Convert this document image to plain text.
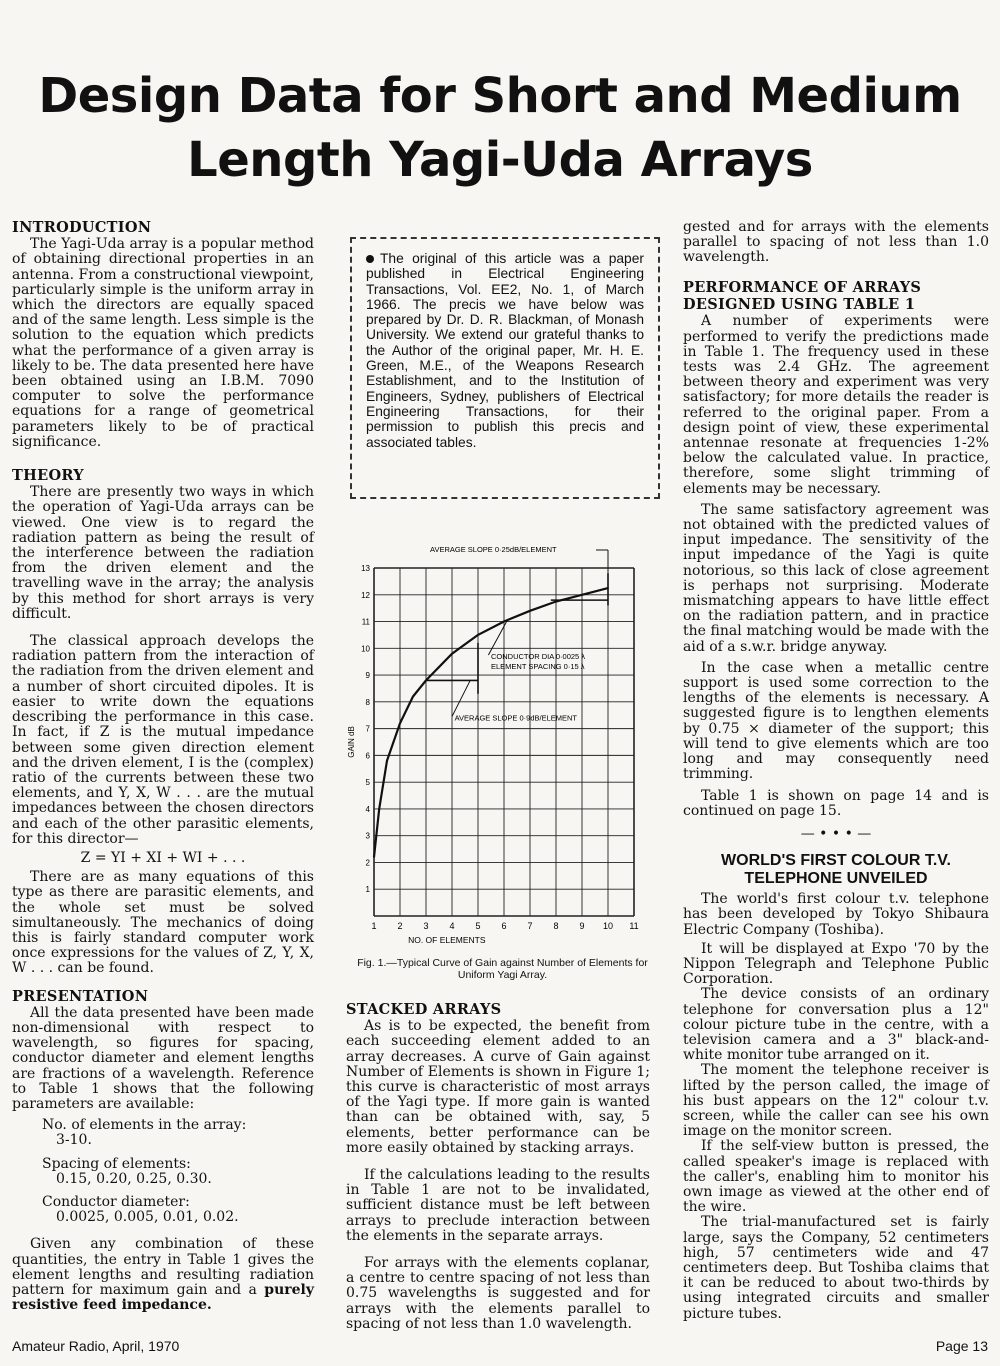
Design Data for Short and Medium
Length Yagi-Uda Arrays
INTRODUCTION

The Yagi-Uda array is a popular method of obtaining directional properties in an antenna. From a constructional viewpoint, particularly simple is the uniform array in which the directors are equally spaced and of the same length. Less simple is the solution to the equation which predicts what the performance of a given array is likely to be. The data presented here have been obtained using an I.B.M. 7090 computer to solve the performance equations for a range of geometrical parameters likely to be of practical significance.

THEORY

There are presently two ways in which the operation of Yagi-Uda arrays can be viewed. One view is to regard the radiation pattern as being the result of the interference between the radiation from the driven element and the travelling wave in the array; the analysis by this method for short arrays is very difficult.

The classical approach develops the radiation pattern from the interaction of the radiation from the driven element and a number of short circuited dipoles. It is easier to write down the equations describing the performance in this case. In fact, if Z is the mutual impedance between some given direction element and the driven element, I is the (complex) ratio of the currents between these two elements, and Y, X, W . . . are the mutual impedances between the chosen directors and each of the other parasitic elements, for this director—

Z = YI + XI + WI + . . .

There are as many equations of this type as there are parasitic elements, and the whole set must be solved simultaneously. The mechanics of doing this is fairly standard computer work once expressions for the values of Z, Y, X, W . . . can be found.

PRESENTATION

All the data presented have been made non-dimensional with respect to wavelength, so figures for spacing, conductor diameter and element lengths are fractions of a wavelength. Reference to Table 1 shows that the following parameters are available:

No. of elements in the array:
3-10.
Spacing of elements:
0.15, 0.20, 0.25, 0.30.
Conductor diameter:
0.0025, 0.005, 0.01, 0.02.

Given any combination of these quantities, the entry in Table 1 gives the element lengths and resulting radiation pattern for maximum gain and a purely resistive feed impedance.

The original of this article was a paper published in Electrical Engineering Transactions, Vol. EE2, No. 1, of March 1966. The precis we have below was prepared by Dr. D. R. Blackman, of Monash University. We extend our grateful thanks to the Author of the original paper, Mr. H. E. Green, M.E., of the Weapons Research Establishment, and to the Institution of Engineers, Sydney, publishers of Electrical Engineering Transactions, for their permission to publish this precis and associated tables.
1 2 3 4 5 6 7 8 9 10 11
1
2
3
4
5
6
7
8
9
10
11
12
13
NO. OF ELEMENTS
GAIN dB
AVERAGE SLOPE 0·25dB/ELEMENT
CONDUCTOR DIA 0·0025 λ
ELEMENT SPACING 0·15 λ
AVERAGE SLOPE 0·9dB/ELEMENT
Fig. 1.—Typical Curve of Gain against Number of Elements for Uniform Yagi Array.
STACKED ARRAYS

As is to be expected, the benefit from each succeeding element added to an array decreases. A curve of Gain against Number of Elements is shown in Figure 1; this curve is characteristic of most arrays of the Yagi type. If more gain is wanted than can be obtained with, say, 5 elements, better performance can be more easily obtained by stacking arrays.

If the calculations leading to the results in Table 1 are not to be invalidated, sufficient distance must be left between arrays to preclude interaction between the elements in the separate arrays.

For arrays with the elements coplanar, a centre to centre spacing of not less than 0.75 wavelengths is suggested and for arrays with the elements parallel to spacing of not less than 1.0 wavelength.

gested and for arrays with the elements parallel to spacing of not less than 1.0 wavelength.

PERFORMANCE OF ARRAYS
DESIGNED USING TABLE 1

A number of experiments were performed to verify the predictions made in Table 1. The frequency used in these tests was 2.4 GHz. The agreement between theory and experiment was very satisfactory; for more details the reader is referred to the original paper. From a design point of view, these experimental antennae resonate at frequencies 1-2% below the calculated value. In practice, therefore, some slight trimming of elements may be necessary.

The same satisfactory agreement was not obtained with the predicted values of input impedance. The sensitivity of the input impedance of the Yagi is quite notorious, so this lack of close agreement is perhaps not surprising. Moderate mismatching appears to have little effect on the radiation pattern, and in practice the final matching would be made with the aid of a s.w.r. bridge anyway.

In the case when a metallic centre support is used some correction to the lengths of the elements is necessary. A suggested figure is to lengthen elements by 0.75 × diameter of the support; this will tend to give elements which are too long and may consequently need trimming.

Table 1 is shown on page 14 and is continued on page 15.

— • • • —
WORLD'S FIRST COLOUR T.V.
TELEPHONE UNVEILED

The world's first colour t.v. telephone has been developed by Tokyo Shibaura Electric Company (Toshiba).

It will be displayed at Expo '70 by the Nippon Telegraph and Telephone Public Corporation.

The device consists of an ordinary telephone for conversation plus a 12" colour picture tube in the centre, with a television camera and a 3" black-and-white monitor tube arranged on it.

The moment the telephone receiver is lifted by the person called, the image of his bust appears on the 12" colour t.v. screen, while the caller can see his own image on the monitor screen.

If the self-view button is pressed, the called speaker's image is replaced with the caller's, enabling him to monitor his own image as viewed at the other end of the wire.

The trial-manufactured set is fairly large, says the Company, 52 centimeters high, 57 centimeters wide and 47 centimeters deep. But Toshiba claims that it can be reduced to about two-thirds by using integrated circuits and smaller picture tubes.

Amateur Radio, April, 1970	Page 13
